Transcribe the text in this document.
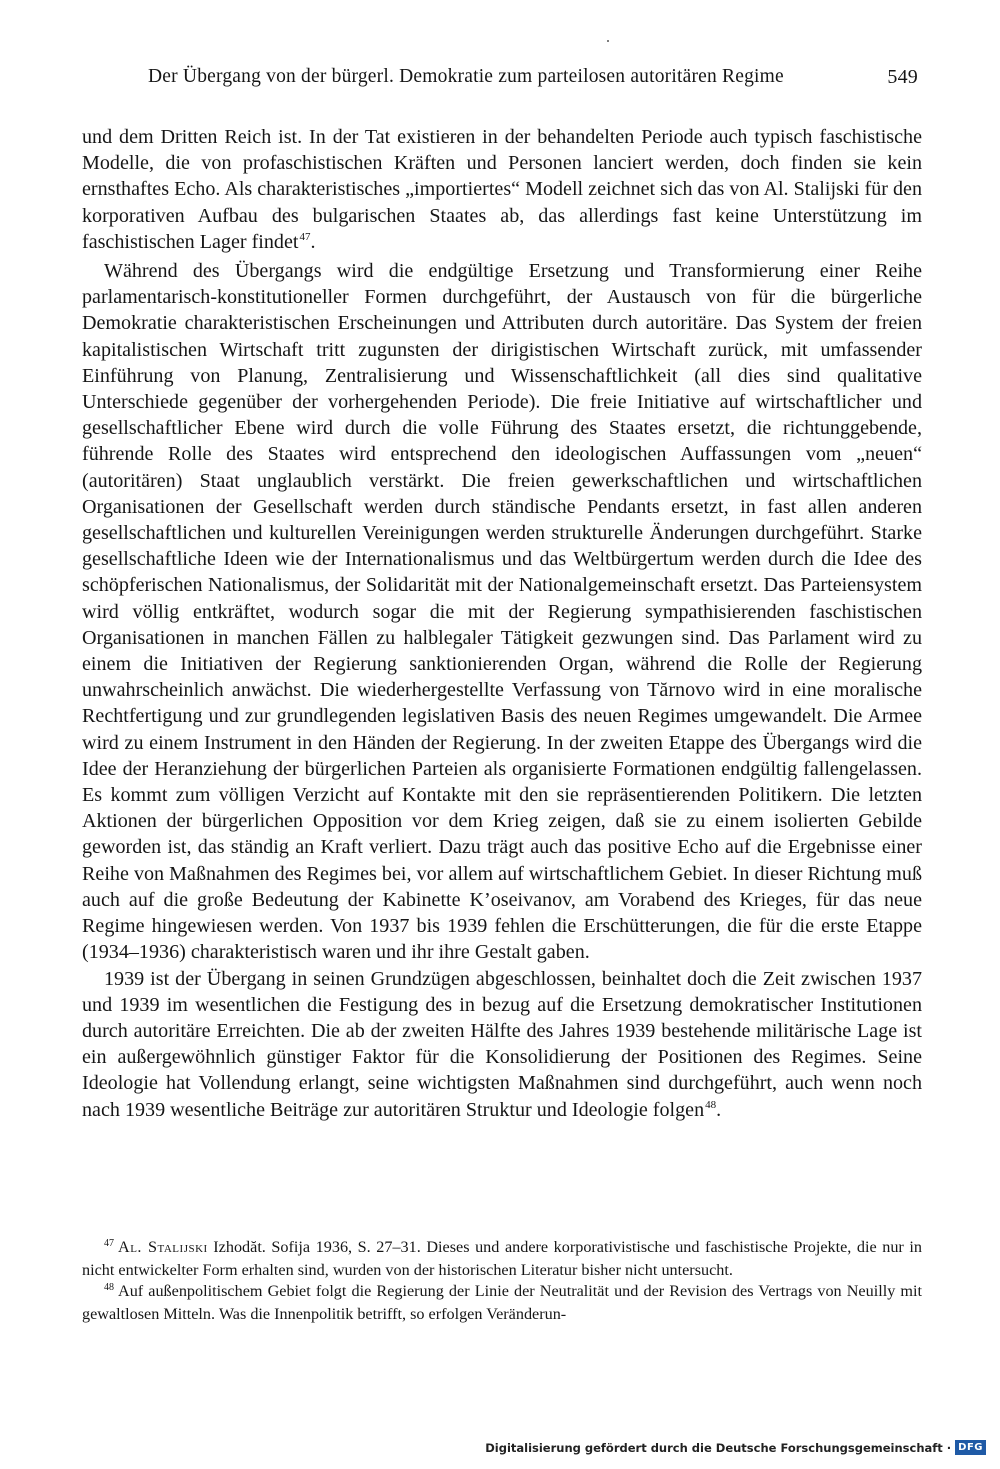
Der Übergang von der bürgerl. Demokratie zum parteilosen autoritären Regime	549

und dem Dritten Reich ist. In der Tat existieren in der behandelten Periode auch typisch faschistische Modelle, die von profaschistischen Kräften und Personen lanciert werden, doch finden sie kein ernsthaftes Echo. Als charakteristisches „importiertes“ Modell zeichnet sich das von Al. Stalijski für den korporativen Aufbau des bulgarischen Staates ab, das allerdings fast keine Unterstützung im faschistischen Lager findet$^{47}$.

Während des Übergangs wird die endgültige Ersetzung und Transformierung einer Reihe parlamentarisch-konstitutioneller Formen durchgeführt, der Austausch von für die bürgerliche Demokratie charakteristischen Erscheinungen und Attributen durch autoritäre. Das System der freien kapitalistischen Wirtschaft tritt zugunsten der dirigistischen Wirtschaft zurück, mit umfassender Einführung von Planung, Zentralisierung und Wissenschaftlichkeit (all dies sind qualitative Unterschiede gegenüber der vorhergehenden Periode). Die freie Initiative auf wirtschaftlicher und gesellschaftlicher Ebene wird durch die volle Führung des Staates ersetzt, die richtunggebende, führende Rolle des Staates wird entsprechend den ideologischen Auffassungen vom „neuen“ (autoritären) Staat unglaublich verstärkt. Die freien gewerkschaftlichen und wirtschaftlichen Organisationen der Gesellschaft werden durch ständische Pendants ersetzt, in fast allen anderen gesellschaftlichen und kulturellen Vereinigungen werden strukturelle Änderungen durchgeführt. Starke gesellschaftliche Ideen wie der Internationalismus und das Weltbürgertum werden durch die Idee des schöpferischen Nationalismus, der Solidarität mit der Nationalgemeinschaft ersetzt. Das Parteiensystem wird völlig entkräftet, wodurch sogar die mit der Regierung sympathisierenden faschistischen Organisationen in manchen Fällen zu halblegaler Tätigkeit gezwungen sind. Das Parlament wird zu einem die Initiativen der Regierung sanktionierenden Organ, während die Rolle der Regierung unwahrscheinlich anwächst. Die wiederhergestellte Verfassung von Tărnovo wird in eine moralische Rechtfertigung und zur grundlegenden legislativen Basis des neuen Regimes umgewandelt. Die Armee wird zu einem Instrument in den Händen der Regierung. In der zweiten Etappe des Übergangs wird die Idee der Heranziehung der bürgerlichen Parteien als organisierte Formationen endgültig fallengelassen. Es kommt zum völligen Verzicht auf Kontakte mit den sie repräsentierenden Politikern. Die letzten Aktionen der bürgerlichen Opposition vor dem Krieg zeigen, daß sie zu einem isolierten Gebilde geworden ist, das ständig an Kraft verliert. Dazu trägt auch das positive Echo auf die Ergebnisse einer Reihe von Maßnahmen des Regimes bei, vor allem auf wirtschaftlichem Gebiet. In dieser Richtung muß auch auf die große Bedeutung der Kabinette K’oseivanov, am Vorabend des Krieges, für das neue Regime hingewiesen werden. Von 1937 bis 1939 fehlen die Erschütterungen, die für die erste Etappe (1934–1936) charakteristisch waren und ihr ihre Gestalt gaben.

1939 ist der Übergang in seinen Grundzügen abgeschlossen, beinhaltet doch die Zeit zwischen 1937 und 1939 im wesentlichen die Festigung des in bezug auf die Ersetzung demokratischer Institutionen durch autoritäre Erreichten. Die ab der zweiten Hälfte des Jahres 1939 bestehende militärische Lage ist ein außergewöhnlich günstiger Faktor für die Konsolidierung der Positionen des Regimes. Seine Ideologie hat Vollendung erlangt, seine wichtigsten Maßnahmen sind durchgeführt, auch wenn noch nach 1939 wesentliche Beiträge zur autoritären Struktur und Ideologie folgen$^{48}$.

$^{47}$ Al. Stalijski Izhodăt. Sofija 1936, S. 27–31. Dieses und andere korporativistische und faschistische Projekte, die nur in nicht entwickelter Form erhalten sind, wurden von der historischen Literatur bisher nicht untersucht.

$^{48}$ Auf außenpolitischem Gebiet folgt die Regierung der Linie der Neutralität und der Revision des Vertrags von Neuilly mit gewaltlosen Mitteln. Was die Innenpolitik betrifft, so erfolgen Veränderun-

Digitalisierung gefördert durch die Deutsche Forschungsgemeinschaft · DFG
